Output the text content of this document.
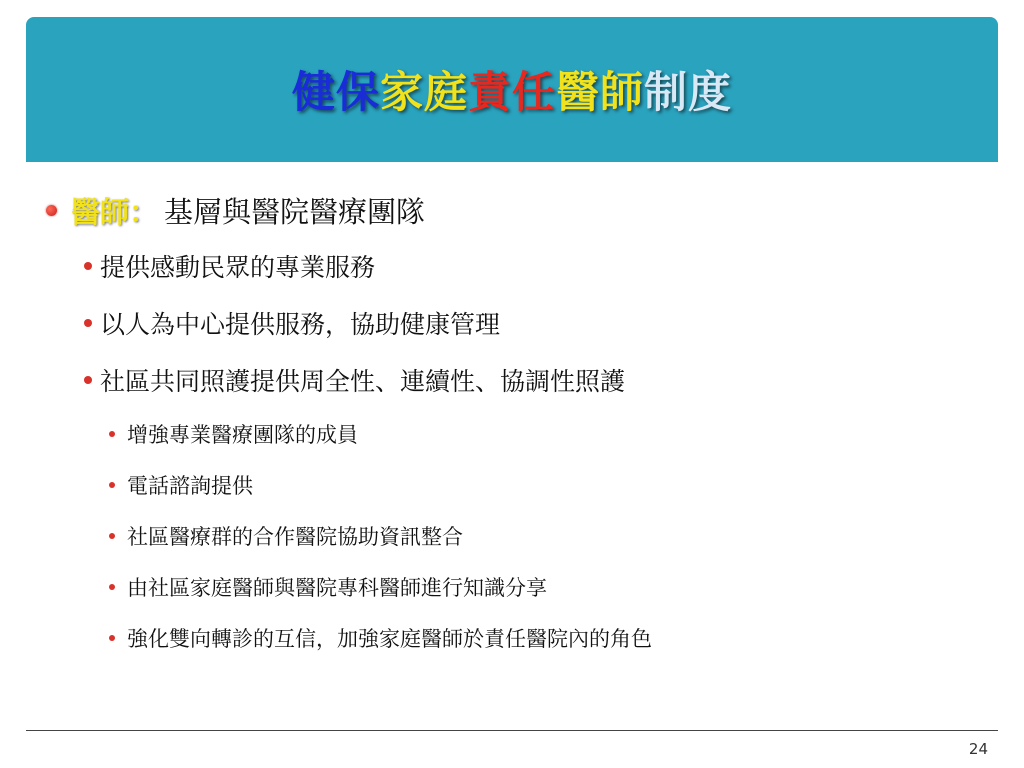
健保家庭責任醫師制度
醫師： 基層與醫院醫療團隊
提供感動民眾的專業服務
以人為中心提供服務，協助健康管理
社區共同照護提供周全性、連續性、協調性照護
增強專業醫療團隊的成員
電話諮詢提供
社區醫療群的合作醫院協助資訊整合
由社區家庭醫師與醫院專科醫師進行知識分享
強化雙向轉診的互信，加強家庭醫師於責任醫院內的角色
24
